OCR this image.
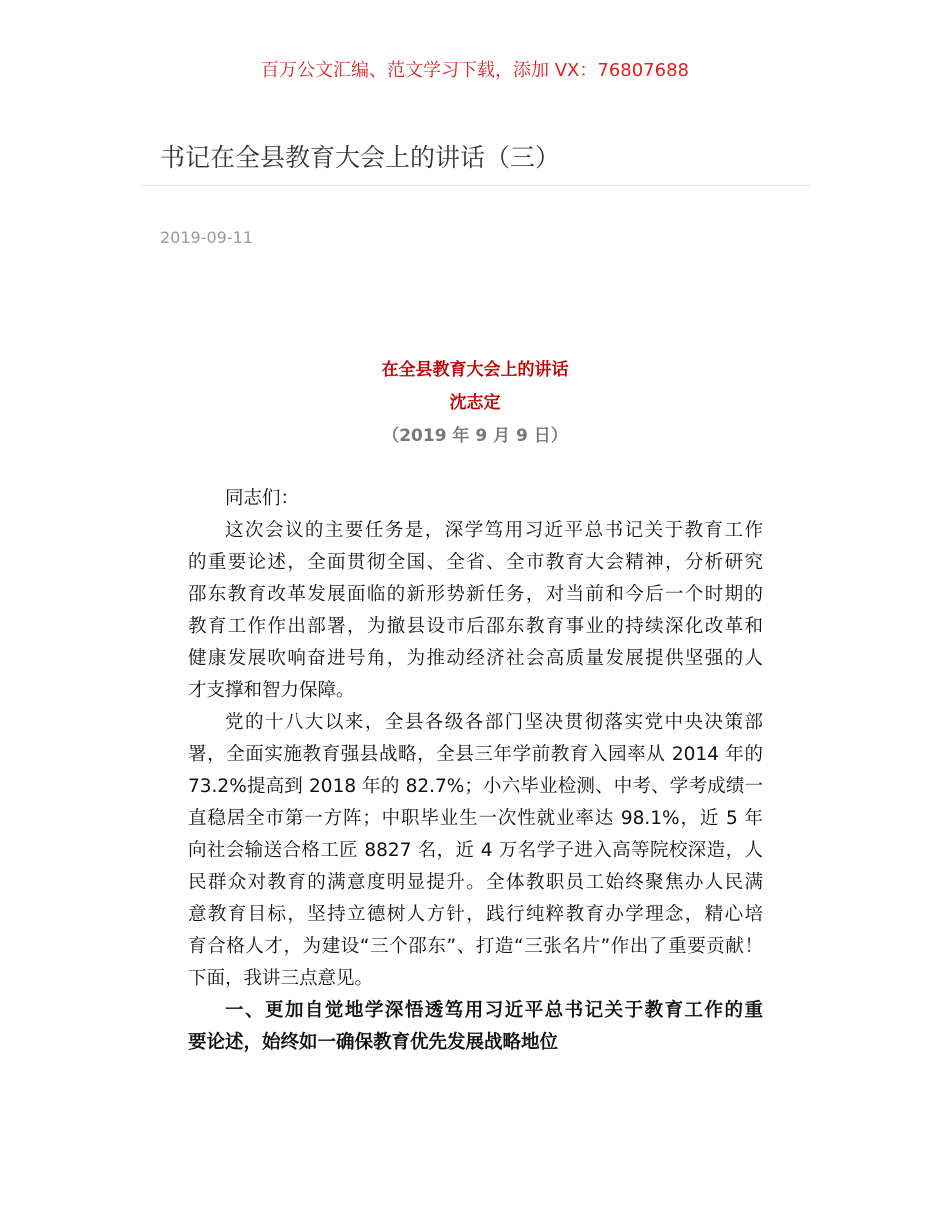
百万公文汇编、范文学习下载，添加 VX：76807688
书记在全县教育大会上的讲话（三）
2019-09-11
在全县教育大会上的讲话
沈志定
（2019 年 9 月 9 日）
同志们：
这次会议的主要任务是，深学笃用习近平总书记关于教育工作
的重要论述，全面贯彻全国、全省、全市教育大会精神，分析研究
邵东教育改革发展面临的新形势新任务，对当前和今后一个时期的
教育工作作出部署，为撤县设市后邵东教育事业的持续深化改革和
健康发展吹响奋进号角，为推动经济社会高质量发展提供坚强的人
才支撑和智力保障。
党的十八大以来，全县各级各部门坚决贯彻落实党中央决策部
署，全面实施教育强县战略，全县三年学前教育入园率从 2014 年的
73.2%提高到 2018 年的 82.7%；小六毕业检测、中考、学考成绩一
直稳居全市第一方阵；中职毕业生一次性就业率达 98.1%，近 5 年
向社会输送合格工匠 8827 名，近 4 万名学子进入高等院校深造，人
民群众对教育的满意度明显提升。全体教职员工始终聚焦办人民满
意教育目标，坚持立德树人方针，践行纯粹教育办学理念，精心培
育合格人才，为建设“三个邵东”、打造“三张名片”作出了重要贡献！
下面，我讲三点意见。
一、更加自觉地学深悟透笃用习近平总书记关于教育工作的重
要论述，始终如一确保教育优先发展战略地位
